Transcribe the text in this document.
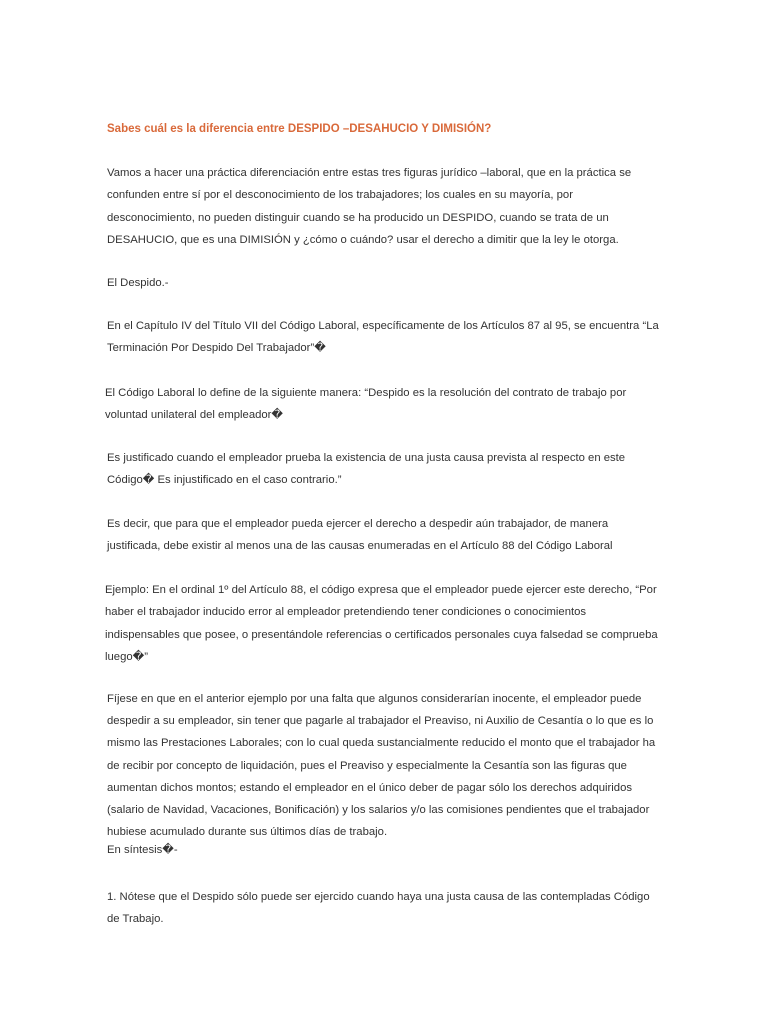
Sabes cuál es la diferencia entre DESPIDO –DESAHUCIO Y DIMISIÓN?
Vamos a hacer una práctica diferenciación entre estas tres figuras jurídico –laboral, que en la práctica se
confunden entre sí por el desconocimiento de los trabajadores; los cuales en su mayoría, por
desconocimiento, no pueden distinguir cuando se ha producido un DESPIDO, cuando se trata de un
DESAHUCIO, que es una DIMISIÓN y ¿cómo o cuándo? usar el derecho a dimitir que la ley le otorga.
El Despido.-
En el Capítulo IV del Título VII del Código Laboral, específicamente de los Artículos 87 al 95, se encuentra “La
Terminación Por Despido Del Trabajador”�
El Código Laboral lo define de la siguiente manera: “Despido es la resolución del contrato de trabajo por
voluntad unilateral del empleador�
Es justificado cuando el empleador prueba la existencia de una justa causa prevista al respecto en este
Código� Es injustificado en el caso contrario.”
Es decir, que para que el empleador pueda ejercer el derecho a despedir aún trabajador, de manera
justificada, debe existir al menos una de las causas enumeradas en el Artículo 88 del Código Laboral
Ejemplo: En el ordinal 1º del Artículo 88, el código expresa que el empleador puede ejercer este derecho, “Por
haber el trabajador inducido error al empleador pretendiendo tener condiciones o conocimientos
indispensables que posee, o presentándole referencias o certificados personales cuya falsedad se comprueba
luego�”
Fíjese en que en el anterior ejemplo por una falta que algunos considerarían inocente, el empleador puede
despedir a su empleador, sin tener que pagarle al trabajador el Preaviso, ni Auxilio de Cesantía o lo que es lo
mismo las Prestaciones Laborales; con lo cual queda sustancialmente reducido el monto que el trabajador ha
de recibir por concepto de liquidación, pues el Preaviso y especialmente la Cesantía son las figuras que
aumentan dichos montos; estando el empleador en el único deber de pagar sólo los derechos adquiridos
(salario de Navidad, Vacaciones, Bonificación) y los salarios y/o las comisiones pendientes que el trabajador
hubiese acumulado durante sus últimos días de trabajo.
En síntesis�-
1. Nótese que el Despido sólo puede ser ejercido cuando haya una justa causa de las contempladas Código
de Trabajo.
